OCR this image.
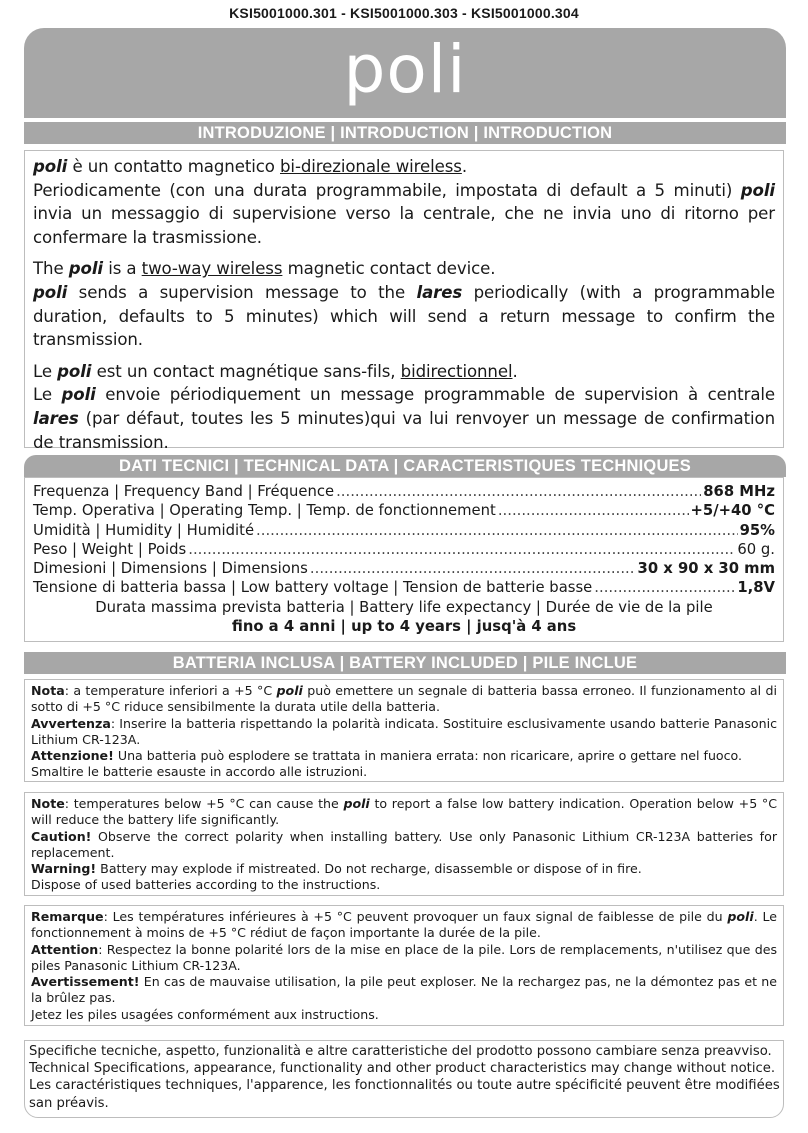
KSI5001000.301 - KSI5001000.303 - KSI5001000.304
poli
INTRODUZIONE | INTRODUCTION | INTRODUCTION

poli è un contatto magnetico bi-direzionale wireless.
Periodicamente (con una durata programmabile, impostata di default a 5 minuti) poli invia un messaggio di supervisione verso la centrale, che ne invia uno di ritorno per confermare la trasmissione.

The poli is a two-way wireless magnetic contact device.
poli sends a supervision message to the lares periodically (with a programmable duration, defaults to 5 minutes) which will send a return message to confirm the transmission.

Le poli est un contact magnétique sans-fils, bidirectionnel.
Le poli envoie périodiquement un message programmable de supervision à centrale lares (par défaut, toutes les 5 minutes)qui va lui renvoyer un message de confirmation de transmission.

DATI TECNICI | TECHNICAL DATA | CARACTERISTIQUES TECHNIQUES
Frequenza | Frequency Band | Fréquence .....	868 MHz
Temp. Operativa | Operating Temp. | Temp. de fonctionnement .....	+5/+40 °C
Umidità | Humidity | Humidité .....	95%
Peso | Weight | Poids .....	60 g.
Dimesioni | Dimensions | Dimensions .....	30 x 90 x 30 mm
Tensione di batteria bassa | Low battery voltage | Tension de batterie basse .....	1,8V
Durata massima prevista batteria | Battery life expectancy | Durée de vie de la pile
fino a 4 anni | up to 4 years | jusq'à 4 ans
BATTERIA INCLUSA | BATTERY INCLUDED | PILE INCLUE
Nota: a temperature inferiori a +5 °C poli può emettere un segnale di batteria bassa erroneo. Il funzionamento al di sotto di +5 °C riduce sensibilmente la durata utile della batteria.
Avvertenza: Inserire la batteria rispettando la polarità indicata. Sostituire esclusivamente usando batterie Panasonic Lithium CR-123A.
Attenzione! Una batteria può esplodere se trattata in maniera errata: non ricaricare, aprire o gettare nel fuoco.
Smaltire le batterie esauste in accordo alle istruzioni.
Note: temperatures below +5 °C can cause the poli to report a false low battery indication. Operation below +5 °C will reduce the battery life significantly.
Caution! Observe the correct polarity when installing battery. Use only Panasonic Lithium CR-123A batteries for replacement.
Warning! Battery may explode if mistreated. Do not recharge, disassemble or dispose of in fire.
Dispose of used batteries according to the instructions.
Remarque: Les températures inférieures à +5 °C peuvent provoquer un faux signal de faiblesse de pile du poli. Le fonctionnement à moins de +5 °C rédiut de façon importante la durée de la pile.
Attention: Respectez la bonne polarité lors de la mise en place de la pile. Lors de remplacements, n'utilisez que des piles Panasonic Lithium CR-123A.
Avertissement! En cas de mauvaise utilisation, la pile peut exploser. Ne la rechargez pas, ne la démontez pas et ne la brûlez pas.
Jetez les piles usagées conformément aux instructions.
Specifiche tecniche, aspetto, funzionalità e altre caratteristiche del prodotto possono cambiare senza preavviso.
Technical Specifications, appearance, functionality and other product characteristics may change without notice.
Les caractéristiques techniques, l'apparence, les fonctionnalités ou toute autre spécificité peuvent être modifiées
san préavis.
